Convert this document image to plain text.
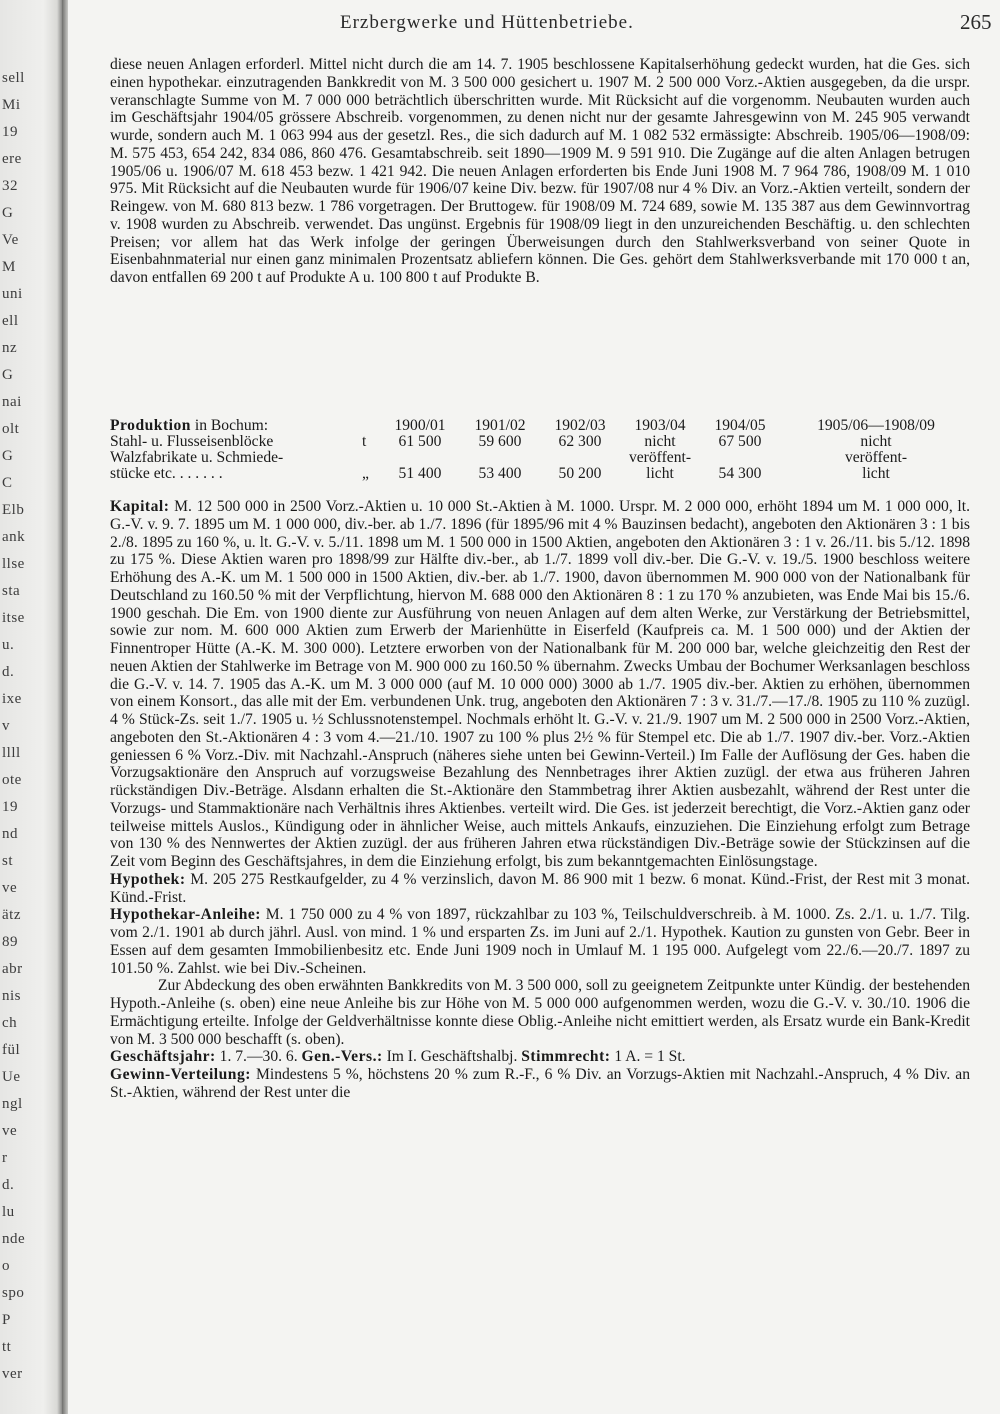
sell
Mi
19
ere
32
G
Ve
M
uni
ell
nz
G
nai
olt
G
C
Elb
ank
llse
sta
itse
u.
d.
ixe
v
llll
ote
19
nd
st
ve
ätz
89
abr
nis
ch
fül
Ue
ngl
ve
r
d.
lu
nde
o
spo
P
tt
ver
Erzbergwerke und Hüttenbetriebe.	265

diese neuen Anlagen erforderl. Mittel nicht durch die am 14. 7. 1905 beschlossene Kapitalserhöhung gedeckt wurden, hat die Ges. sich einen hypothekar. einzutragenden Bankkredit von M. 3 500 000 gesichert u. 1907 M. 2 500 000 Vorz.-Aktien ausgegeben, da die urspr. veranschlagte Summe von M. 7 000 000 beträchtlich überschritten wurde. Mit Rücksicht auf die vorgenomm. Neubauten wurden auch im Geschäftsjahr 1904/05 grössere Abschreib. vorgenommen, zu denen nicht nur der gesamte Jahresgewinn von M. 245 905 verwandt wurde, sondern auch M. 1 063 994 aus der gesetzl. Res., die sich dadurch auf M. 1 082 532 ermässigte: Abschreib. 1905/06—1908/09: M. 575 453, 654 242, 834 086, 860 476. Gesamtabschreib. seit 1890—1909 M. 9 591 910. Die Zugänge auf die alten Anlagen betrugen 1905/06 u. 1906/07 M. 618 453 bezw. 1 421 942. Die neuen Anlagen erforderten bis Ende Juni 1908 M. 7 964 786, 1908/09 M. 1 010 975. Mit Rücksicht auf die Neubauten wurde für 1906/07 keine Div. bezw. für 1907/08 nur 4 % Div. an Vorz.-Aktien verteilt, sondern der Reingew. von M. 680 813 bezw. 1 786 vorgetragen. Der Bruttogew. für 1908/09 M. 724 689, sowie M. 135 387 aus dem Gewinnvortrag v. 1908 wurden zu Abschreib. verwendet. Das ungünst. Ergebnis für 1908/09 liegt in den unzureichenden Beschäftig. u. den schlechten Preisen; vor allem hat das Werk infolge der geringen Überweisungen durch den Stahlwerksverband von seiner Quote in Eisenbahnmaterial nur einen ganz minimalen Prozentsatz abliefern können. Die Ges. gehört dem Stahlwerksverbande mit 170 000 t an, davon entfallen 69 200 t auf Produkte A u. 100 800 t auf Produkte B.

Produktion in Bochum:		1900/01	1901/02	1902/03	1903/04	1904/05	1905/06—1908/09
Stahl- u. Flusseisenblöcke	t	61 500	59 600	62 300	nicht	67 500	nicht
Walzfabrikate u. Schmiede-					veröffent-		veröffent-
stücke etc. . . . . . .	„	51 400	53 400	50 200	licht	54 300	licht

Kapital: M. 12 500 000 in 2500 Vorz.-Aktien u. 10 000 St.-Aktien à M. 1000. Urspr. M. 2 000 000, erhöht 1894 um M. 1 000 000, lt. G.-V. v. 9. 7. 1895 um M. 1 000 000, div.-ber. ab 1./7. 1896 (für 1895/96 mit 4 % Bauzinsen bedacht), angeboten den Aktionären 3 : 1 bis 2./8. 1895 zu 160 %, u. lt. G.-V. v. 5./11. 1898 um M. 1 500 000 in 1500 Aktien, angeboten den Aktionären 3 : 1 v. 26./11. bis 5./12. 1898 zu 175 %. Diese Aktien waren pro 1898/99 zur Hälfte div.-ber., ab 1./7. 1899 voll div.-ber. Die G.-V. v. 19./5. 1900 beschloss weitere Erhöhung des A.-K. um M. 1 500 000 in 1500 Aktien, div.-ber. ab 1./7. 1900, davon übernommen M. 900 000 von der Nationalbank für Deutschland zu 160.50 % mit der Verpflichtung, hiervon M. 688 000 den Aktionären 8 : 1 zu 170 % anzubieten, was Ende Mai bis 15./6. 1900 geschah. Die Em. von 1900 diente zur Ausführung von neuen Anlagen auf dem alten Werke, zur Verstärkung der Betriebsmittel, sowie zur nom. M. 600 000 Aktien zum Erwerb der Marienhütte in Eiserfeld (Kaufpreis ca. M. 1 500 000) und der Aktien der Finnentroper Hütte (A.-K. M. 300 000). Letztere erworben von der Nationalbank für M. 200 000 bar, welche gleichzeitig den Rest der neuen Aktien der Stahlwerke im Betrage von M. 900 000 zu 160.50 % übernahm. Zwecks Umbau der Bochumer Werksanlagen beschloss die G.-V. v. 14. 7. 1905 das A.-K. um M. 3 000 000 (auf M. 10 000 000) 3000 ab 1./7. 1905 div.-ber. Aktien zu erhöhen, übernommen von einem Konsort., das alle mit der Em. verbundenen Unk. trug, angeboten den Aktionären 7 : 3 v. 31./7.—17./8. 1905 zu 110 % zuzügl. 4 % Stück-Zs. seit 1./7. 1905 u. ½ Schlussnotenstempel. Nochmals erhöht lt. G.-V. v. 21./9. 1907 um M. 2 500 000 in 2500 Vorz.-Aktien, angeboten den St.-Aktionären 4 : 3 vom 4.—21./10. 1907 zu 100 % plus 2½ % für Stempel etc. Die ab 1./7. 1907 div.-ber. Vorz.-Aktien geniessen 6 % Vorz.-Div. mit Nachzahl.-Anspruch (näheres siehe unten bei Gewinn-Verteil.) Im Falle der Auflösung der Ges. haben die Vorzugsaktionäre den Anspruch auf vorzugsweise Bezahlung des Nennbetrages ihrer Aktien zuzügl. der etwa aus früheren Jahren rückständigen Div.-Beträge. Alsdann erhalten die St.-Aktionäre den Stammbetrag ihrer Aktien ausbezahlt, während der Rest unter die Vorzugs- und Stammaktionäre nach Verhältnis ihres Aktienbes. verteilt wird. Die Ges. ist jederzeit berechtigt, die Vorz.-Aktien ganz oder teilweise mittels Auslos., Kündigung oder in ähnlicher Weise, auch mittels Ankaufs, einzuziehen. Die Einziehung erfolgt zum Betrage von 130 % des Nennwertes der Aktien zuzügl. der aus früheren Jahren etwa rückständigen Div.-Beträge sowie der Stückzinsen auf die Zeit vom Beginn des Geschäftsjahres, in dem die Einziehung erfolgt, bis zum bekanntgemachten Einlösungstage.

Hypothek: M. 205 275 Restkaufgelder, zu 4 % verzinslich, davon M. 86 900 mit 1 bezw. 6 monat. Künd.-Frist, der Rest mit 3 monat. Künd.-Frist.

Hypothekar-Anleihe: M. 1 750 000 zu 4 % von 1897, rückzahlbar zu 103 %, Teilschuldverschreib. à M. 1000. Zs. 2./1. u. 1./7. Tilg. vom 2./1. 1901 ab durch jährl. Ausl. von mind. 1 % und ersparten Zs. im Juni auf 2./1. Hypothek. Kaution zu gunsten von Gebr. Beer in Essen auf dem gesamten Immobilienbesitz etc. Ende Juni 1909 noch in Umlauf M. 1 195 000. Aufgelegt vom 22./6.—20./7. 1897 zu 101.50 %. Zahlst. wie bei Div.-Scheinen.

Zur Abdeckung des oben erwähnten Bankkredits von M. 3 500 000, soll zu geeignetem Zeitpunkte unter Kündig. der bestehenden Hypoth.-Anleihe (s. oben) eine neue Anleihe bis zur Höhe von M. 5 000 000 aufgenommen werden, wozu die G.-V. v. 30./10. 1906 die Ermächtigung erteilte. Infolge der Geldverhältnisse konnte diese Oblig.-Anleihe nicht emittiert werden, als Ersatz wurde ein Bank-Kredit von M. 3 500 000 beschafft (s. oben).

Geschäftsjahr: 1. 7.—30. 6. Gen.-Vers.: Im I. Geschäftshalbj. Stimmrecht: 1 A. = 1 St.

Gewinn-Verteilung: Mindestens 5 %, höchstens 20 % zum R.-F., 6 % Div. an Vorzugs-Aktien mit Nachzahl.-Anspruch, 4 % Div. an St.-Aktien, während der Rest unter die
